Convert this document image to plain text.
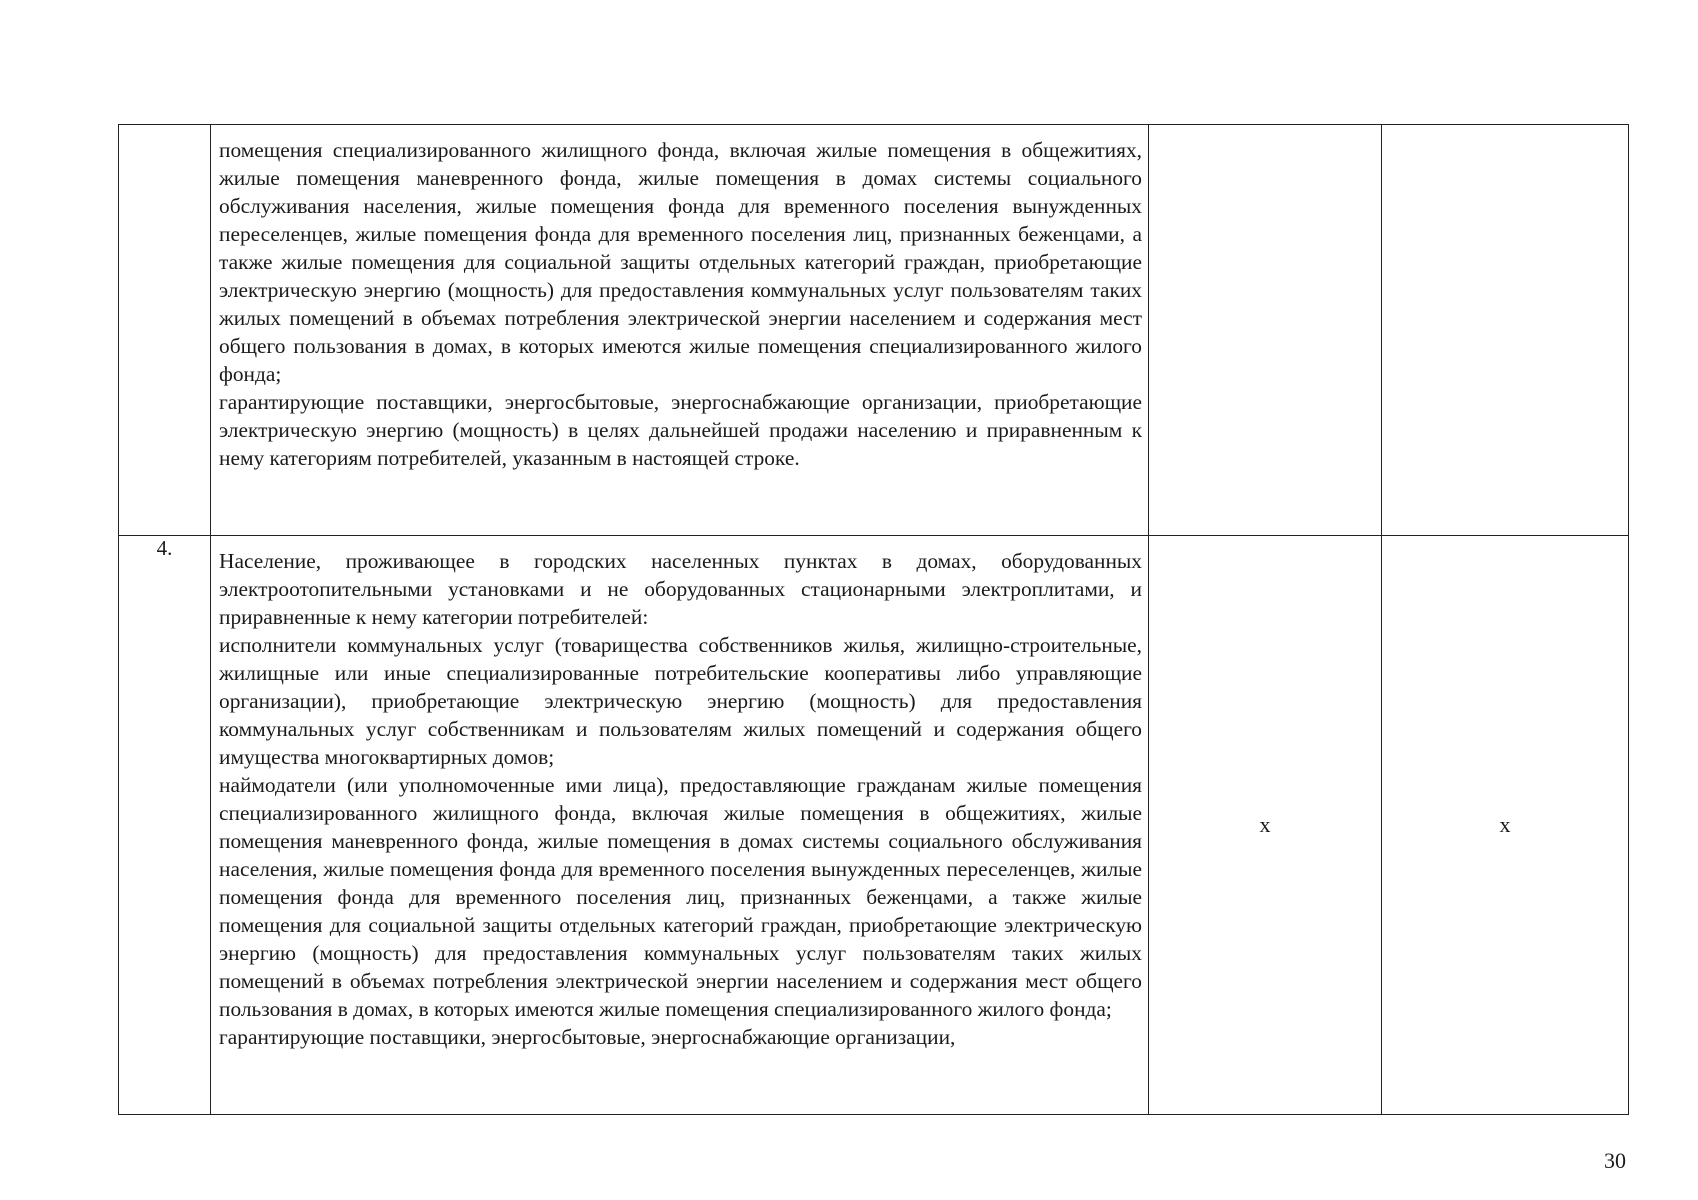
	помещения специализированного жилищного фонда, включая жилые помещения в общежитиях, жилые помещения маневренного фонда, жилые помещения в домах системы социального обслуживания населения, жилые помещения фонда для временного поселения вынужденных переселенцев, жилые помещения фонда для временного поселения лиц, признанных беженцами, а также жилые помещения для социальной защиты отдельных категорий граждан, приобретающие электрическую энергию (мощность) для предоставления коммунальных услуг пользователям таких жилых помещений в объемах потребления электрической энергии населением и содержания мест общего пользования в домах, в которых имеются жилые помещения специализированного жилого фонда;

гарантирующие поставщики, энергосбытовые, энергоснабжающие организации, приобретающие электрическую энергию (мощность) в целях дальнейшей продажи населению и приравненным к нему категориям потребителей, указанным в настоящей строке.		

4.	Население, проживающее в городских населенных пунктах в домах, оборудованных электроотопительными установками и не оборудованных стационарными электроплитами, и приравненные к нему категории потребителей:

исполнители коммунальных услуг (товарищества собственников жилья, жилищно-строительные, жилищные или иные специализированные потребительские кооперативы либо управляющие организации), приобретающие электрическую энергию (мощность) для предоставления коммунальных услуг собственникам и пользователям жилых помещений и содержания общего имущества многоквартирных домов;

наймодатели (или уполномоченные ими лица), предоставляющие гражданам жилые помещения специализированного жилищного фонда, включая жилые помещения в общежитиях, жилые помещения маневренного фонда, жилые помещения в домах системы социального обслуживания населения, жилые помещения фонда для временного поселения вынужденных переселенцев, жилые помещения фонда для временного поселения лиц, признанных беженцами, а также жилые помещения для социальной защиты отдельных категорий граждан, приобретающие электрическую энергию (мощность) для предоставления коммунальных услуг пользователям таких жилых помещений в объемах потребления электрической энергии населением и содержания мест общего пользования в домах, в которых имеются жилые помещения специализированного жилого фонда;

гарантирующие поставщики, энергосбытовые, энергоснабжающие организации,	х	х
30
